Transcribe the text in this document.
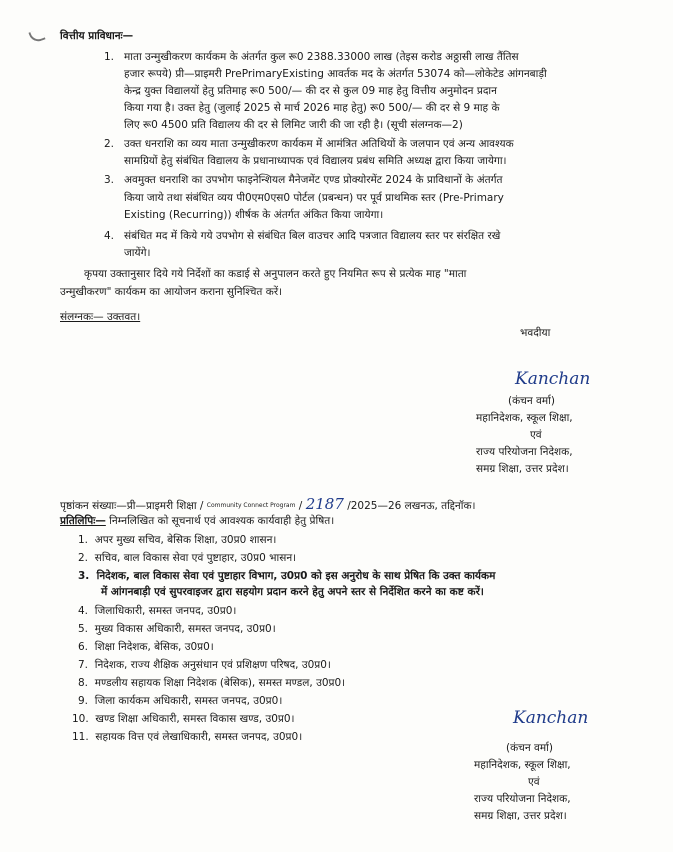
वित्तीय प्राविधानः—
1. माता उन्मुखीकरण कार्यकम के अंतर्गत कुल रू0 2388.33000 लाख (तेइस करोड अठ्ठासी लाख तैंतिस
हजार रूपये) प्री—प्राइमरी PrePrimaryExisting आवर्तक मद के अंतर्गत 53074 को—लोकेटेड आंगनबाड़ी
केन्द्र युक्त विद्यालयों हेतु प्रतिमाह रू0 500/— की दर से कुल 09 माह हेतु वित्तीय अनुमोदन प्रदान
किया गया है। उक्त हेतु (जुलाई 2025 से मार्च 2026 माह हेतु) रू0 500/— की दर से 9 माह के
लिए रू0 4500 प्रति विद्यालय की दर से लिमिट जारी की जा रही है। (सूची संलग्नक—2)
2. उक्त धनराशि का व्यय माता उन्मुखीकरण कार्यकम में आमंत्रित अतिथियों के जलपान एवं अन्य आवश्यक
सामग्रियों हेतु संबंधित विद्यालय के प्रधानाध्यापक एवं विद्यालय प्रबंध समिति अध्यक्ष द्वारा किया जायेगा।
3. अवमुक्त धनराशि का उपभोग फाइनेन्शियल मैनेजमेंट एण्ड प्रोक्योरमेंट 2024 के प्राविधानों के अंतर्गत
किया जाये तथा संबंधित व्यय पी0एम0एस0 पोर्टल (प्रबन्धन) पर पूर्व प्राथमिक स्तर (Pre-Primary
Existing (Recurring)) शीर्षक के अंतर्गत अंकित किया जायेगा।
4. संबंधित मद में किये गये उपभोग से संबंधित बिल वाउचर आदि पत्रजात विद्यालय स्तर पर संरक्षित रखे
जायेंगे।
कृपया उक्तानुसार दिये गये निर्देशों का कडाई से अनुपालन करते हुए नियमित रूप से प्रत्येक माह "माता
उन्मुखीकरण" कार्यकम का आयोजन कराना सुनिश्चित करें।
संलग्नकः— उक्तवत।
भवदीया
Kanchan
(कंचन वर्मा)
महानिदेशक, स्कूल शिक्षा,
एवं
राज्य परियोजना निदेशक,
समग्र शिक्षा, उत्तर प्रदेश।
पृष्ठांकन संख्याः—प्री—प्राइमरी शिक्षा / Community Connect Program / 2187 /2025—26 लखनऊ, तद्दिनॉक।
प्रतिलिपिः— निम्नलिखित को सूचनार्थ एवं आवश्यक कार्यवाही हेतु प्रेषित।
1. अपर मुख्य सचिव, बेसिक शिक्षा, उ0प्र0 शासन।
2. सचिव, बाल विकास सेवा एवं पुष्टाहार, उ0प्र0 भासन।
3. निदेशक, बाल विकास सेवा एवं पुष्टाहार विभाग, उ0प्र0 को इस अनुरोध के साथ प्रेषित कि उक्त कार्यकम
में आंगनबाड़ी एवं सुपरवाइजर द्वारा सहयोग प्रदान करने हेतु अपने स्तर से निर्देशित करने का कष्ट करें।
4. जिलाधिकारी, समस्त जनपद, उ0प्र0।
5. मुख्य विकास अधिकारी, समस्त जनपद, उ0प्र0।
6. शिक्षा निदेशक, बेसिक, उ0प्र0।
7. निदेशक, राज्य शैक्षिक अनुसंधान एवं प्रशिक्षण परिषद, उ0प्र0।
8. मण्डलीय सहायक शिक्षा निदेशक (बेसिक), समस्त मण्डल, उ0प्र0।
9. जिला कार्यकम अधिकारी, समस्त जनपद, उ0प्र0।
10. खण्ड शिक्षा अधिकारी, समस्त विकास खण्ड, उ0प्र0।
11. सहायक वित्त एवं लेखाधिकारी, समस्त जनपद, उ0प्र0।
Kanchan
(कंचन वर्मा)
महानिदेशक, स्कूल शिक्षा,
एवं
राज्य परियोजना निदेशक,
समग्र शिक्षा, उत्तर प्रदेश।
